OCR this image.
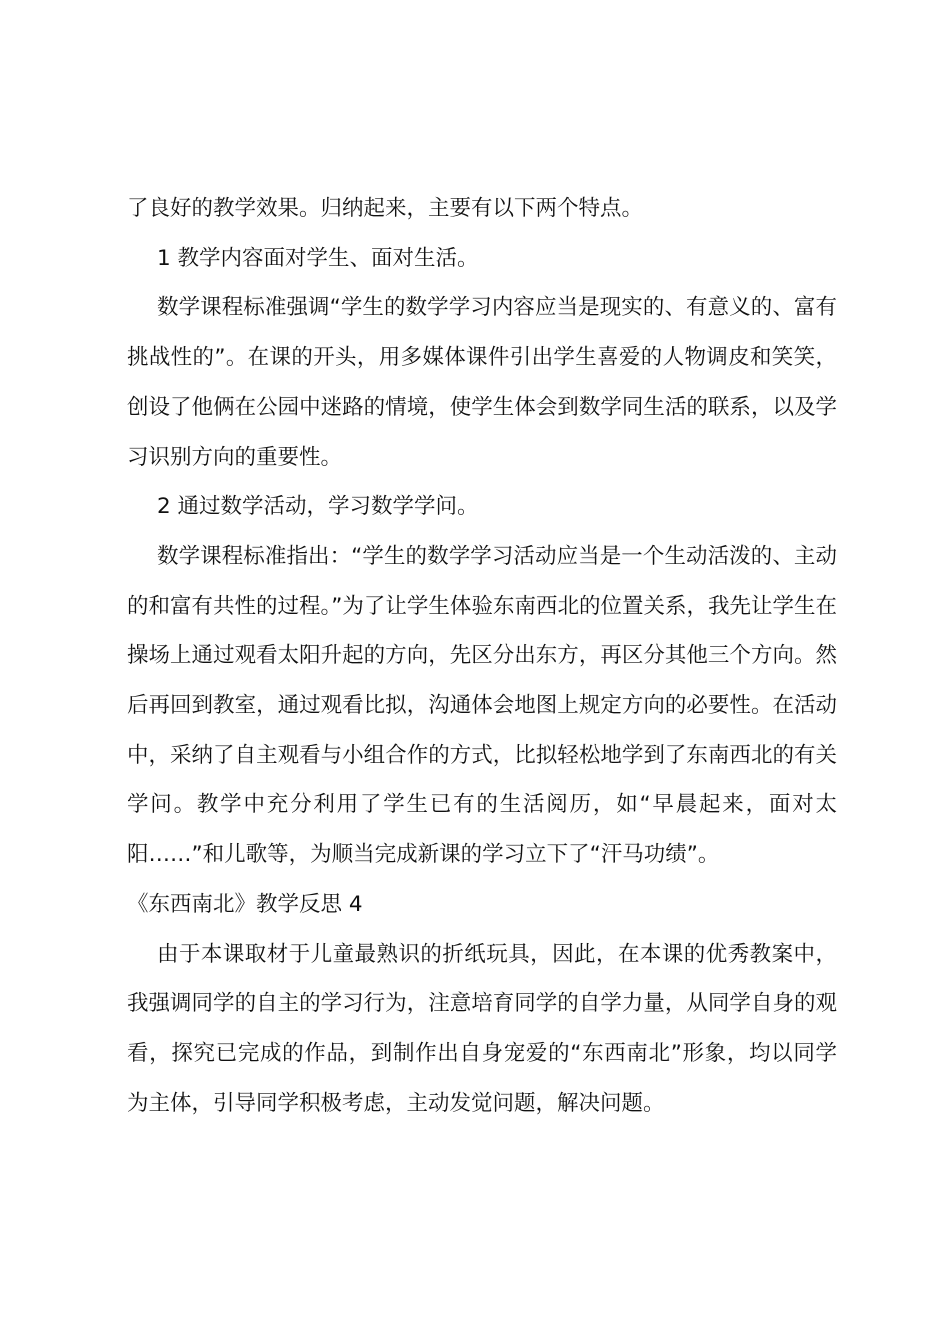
了良好的教学效果。归纳起来，主要有以下两个特点。

1 教学内容面对学生、面对生活。

数学课程标准强调“学生的数学学习内容应当是现实的、有意义的、富有挑战性的”。在课的开头，用多媒体课件引出学生喜爱的人物调皮和笑笑，创设了他俩在公园中迷路的情境，使学生体会到数学同生活的联系，以及学习识别方向的重要性。

2 通过数学活动，学习数学学问。

数学课程标准指出：“学生的数学学习活动应当是一个生动活泼的、主动的和富有共性的过程。”为了让学生体验东南西北的位置关系，我先让学生在操场上通过观看太阳升起的方向，先区分出东方，再区分其他三个方向。然后再回到教室，通过观看比拟，沟通体会地图上规定方向的必要性。在活动中，采纳了自主观看与小组合作的方式，比拟轻松地学到了东南西北的有关学问。教学中充分利用了学生已有的生活阅历，如“早晨起来，面对太阳……”和儿歌等，为顺当完成新课的学习立下了“汗马功绩”。

《东西南北》教学反思 4

由于本课取材于儿童最熟识的折纸玩具，因此，在本课的优秀教案中，我强调同学的自主的学习行为，注意培育同学的自学力量，从同学自身的观看，探究已完成的作品，到制作出自身宠爱的“东西南北”形象，均以同学为主体，引导同学积极考虑，主动发觉问题，解决问题。
